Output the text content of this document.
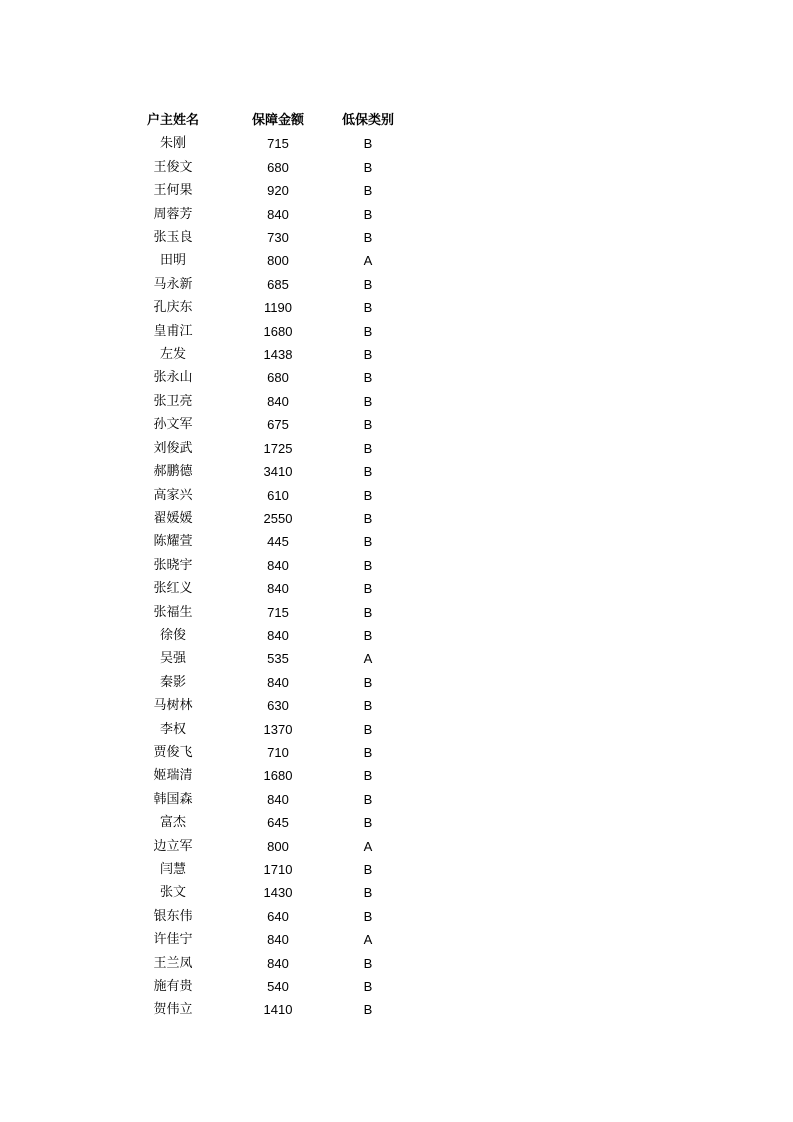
户主姓名	保障金额	低保类别
朱刚	715	B
王俊文	680	B
王何果	920	B
周蓉芳	840	B
张玉良	730	B
田明	800	A
马永新	685	B
孔庆东	1190	B
皇甫江	1680	B
左发	1438	B
张永山	680	B
张卫亮	840	B
孙文军	675	B
刘俊武	1725	B
郝鹏德	3410	B
高家兴	610	B
翟媛媛	2550	B
陈耀萱	445	B
张晓宇	840	B
张红义	840	B
张福生	715	B
徐俊	840	B
吴强	535	A
秦影	840	B
马树林	630	B
李权	1370	B
贾俊飞	710	B
姬瑞清	1680	B
韩国森	840	B
富杰	645	B
边立军	800	A
闫慧	1710	B
张文	1430	B
银东伟	640	B
许佳宁	840	A
王兰凤	840	B
施有贵	540	B
贺伟立	1410	B
